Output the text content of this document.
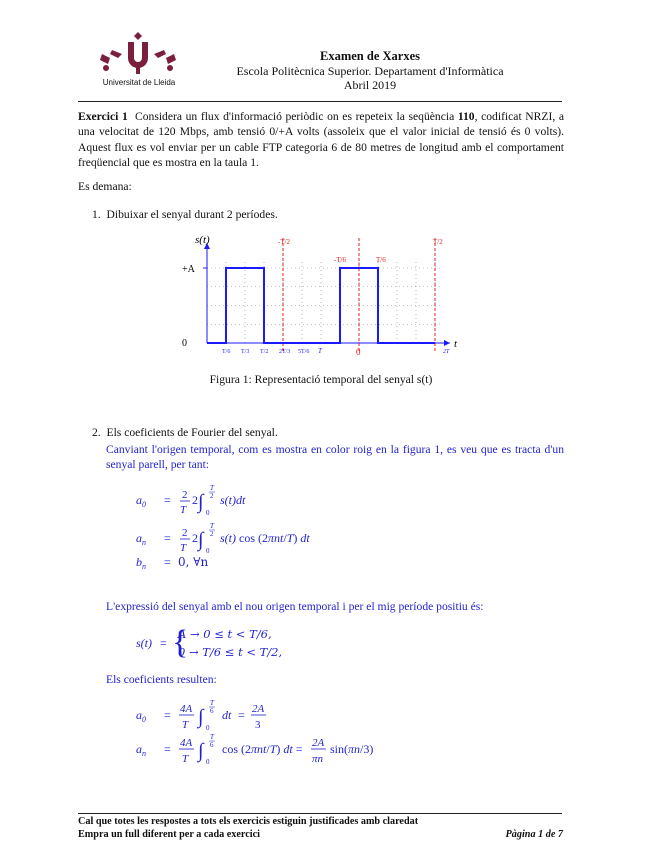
Universitat de Lleida
Examen de Xarxes
Escola Politècnica Superior. Departament d'Informàtica
Abril 2019
Exercici 1 Considera un flux d'informació periòdic on es repeteix la seqüència 110, codificat NRZI, a una velocitat de 120 Mbps, amb tensió 0/+A volts (assoleix que el valor inicial de tensió és 0 volts). Aquest flux es vol enviar per un cable FTP categoria 6 de 80 metres de longitud amb el comportament freqüencial que es mostra en la taula 1.
Es demana:
1. Dibuixar el senyal durant 2 períodes.
s(t)
t
0
+A
-T/2
-T/6
0
T/6
T/2
T/6 T/3 T/2 2T/3 5T/6 T	2T
Figura 1: Representació temporal del senyal s(t)
2. Els coeficients de Fourier del senyal.
Canviant l'origen temporal, com es mostra en color roig en la figura 1, es veu que es tracta d'un senyal parell, per tant:
$a_0 = 2$
T
2 ∫
T
2
0
s(t)dt
$a_n = 2$
T
2 ∫
T
2
0
s(t) cos (2πnt/T) dt
$b_n = 0$, ∀n
L'expressió del senyal amb el nou origen temporal i per el mig període positiu és:
s(t) = {
A → 0 ≤ t < T/6,
0 → T/6 ≤ t < T/2,
Els coeficients resulten:
$a_0 = 4A$
T ∫
T
6
0
dt = 2A
3
$a_n = 4A$
T ∫
T
6
0
cos (2πnt/T) dt = 2A
πn
sin(πn/3)
Cal que totes les respostes a tots els exercicis estiguin justificades amb claredat
Empra un full diferent per a cada exercici	Pàgina 1 de 7
